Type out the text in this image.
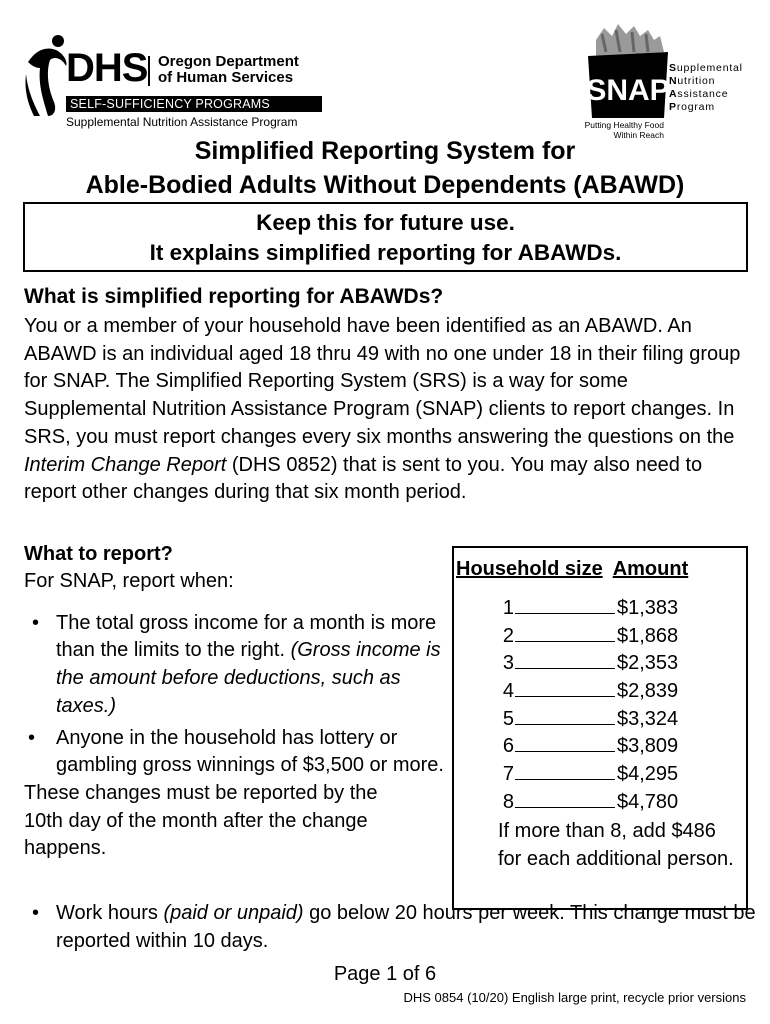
DHS Oregon Department
of Human Services
SELF-SUFFICIENCY PROGRAMS
Supplemental Nutrition Assistance Program
SNAP
Supplemental
Nutrition
Assistance
Program
Putting Healthy Food
Within Reach
Simplified Reporting System for
Able-Bodied Adults Without Dependents (ABAWD)
Keep this for future use.
It explains simplified reporting for ABAWDs.
What is simplified reporting for ABAWDs?

You or a member of your household have been identified as an ABAWD. An ABAWD is an individual aged 18 thru 49 with no one under 18 in their filing group for SNAP. The Simplified Reporting System (SRS) is a way for some Supplemental Nutrition Assistance Program (SNAP) clients to report changes. In SRS, you must report changes every six months answering the questions on the Interim Change Report (DHS 0852) that is sent to you. You may also need to report other changes during that six month period.

What to report?
For SNAP, report when:
• The total gross income for a month is more than the limits to the right. (Gross income is the amount before deductions, such as taxes.)
• Anyone in the household has lottery or gambling gross winnings of $3,500 or more.
These changes must be reported by the 10th day of the month after the change happens.
Household size Amount
1	$1,383
2	$1,868
3	$2,353
4	$2,839
5	$3,324
6	$3,809
7	$4,295
8	$4,780
If more than 8, add $486 for each additional person.
• Work hours (paid or unpaid) go below 20 hours per week. This change must be reported within 10 days.
Page 1 of 6
DHS 0854 (10/20) English large print, recycle prior versions
